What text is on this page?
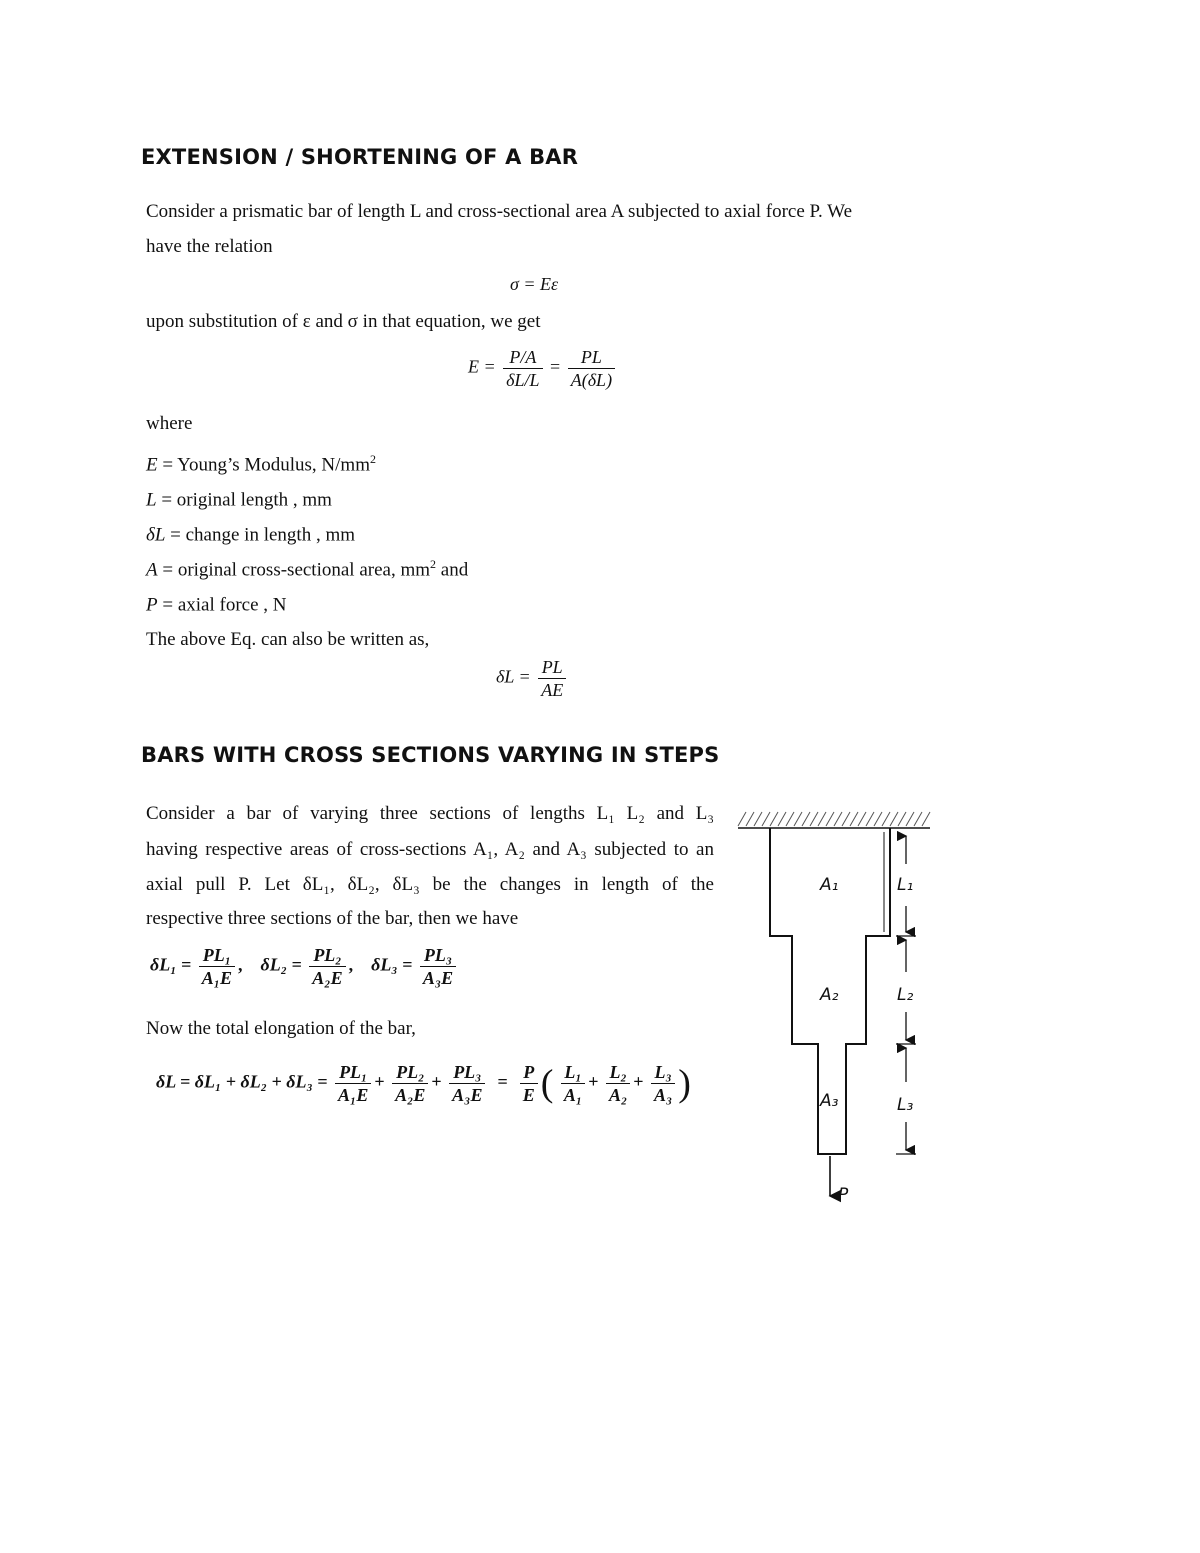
EXTENSION / SHORTENING OF A BAR
Consider a prismatic bar of length L and cross-sectional area A subjected to axial force P. We
have the relation
σ = Eε
upon substitution of ε and σ in that equation, we get
$E = \frac{P/A}{\delta L/L} = \frac{PL}{A(\delta L)}$
where
E = Young’s Modulus, $N/mm^2$
L = original length , mm
δL = change in length , mm
A = original cross-sectional area, $mm^2$ and
P = axial force , N
The above Eq. can also be written as,
$\delta L = \frac{PL}{AE}$
BARS WITH CROSS SECTIONS VARYING IN STEPS
Consider a bar of varying three sections of lengths L₁ L₂ and L₃
having respective areas of cross-sections A₁, A₂ and A₃ subjected to an
axial pull P. Let δL₁, δL₂, δL₃ be the changes in length of the
respective three sections of the bar, then we have
$\delta L_1 = \frac{\text{PL₁}}{\text{A₁E}}$ , $\delta L_2 = \frac{\text{PL₂}}{\text{A₂E}}$ , $\delta L_3 = \frac{\text{PL₃}}{\text{A₃E}}$
Now the total elongation of the bar,
$\delta L = \delta L_1 + \delta L_2 + \delta L_3 = \frac{\text{PL₁}}{\text{A₁E}} + \frac{\text{PL₂}}{\text{A₂E}} + \frac{\text{PL₃}}{\text{A₃E}} = \frac{P}{E}$ ( $\frac{\text{L₁}}{\text{A₁}} + \frac{\text{L₂}}{\text{A₂}} + \frac{\text{L₃}}{\text{A₃}}$ )
A₁
A₂
A₃
L₁
L₂
L₃
P
